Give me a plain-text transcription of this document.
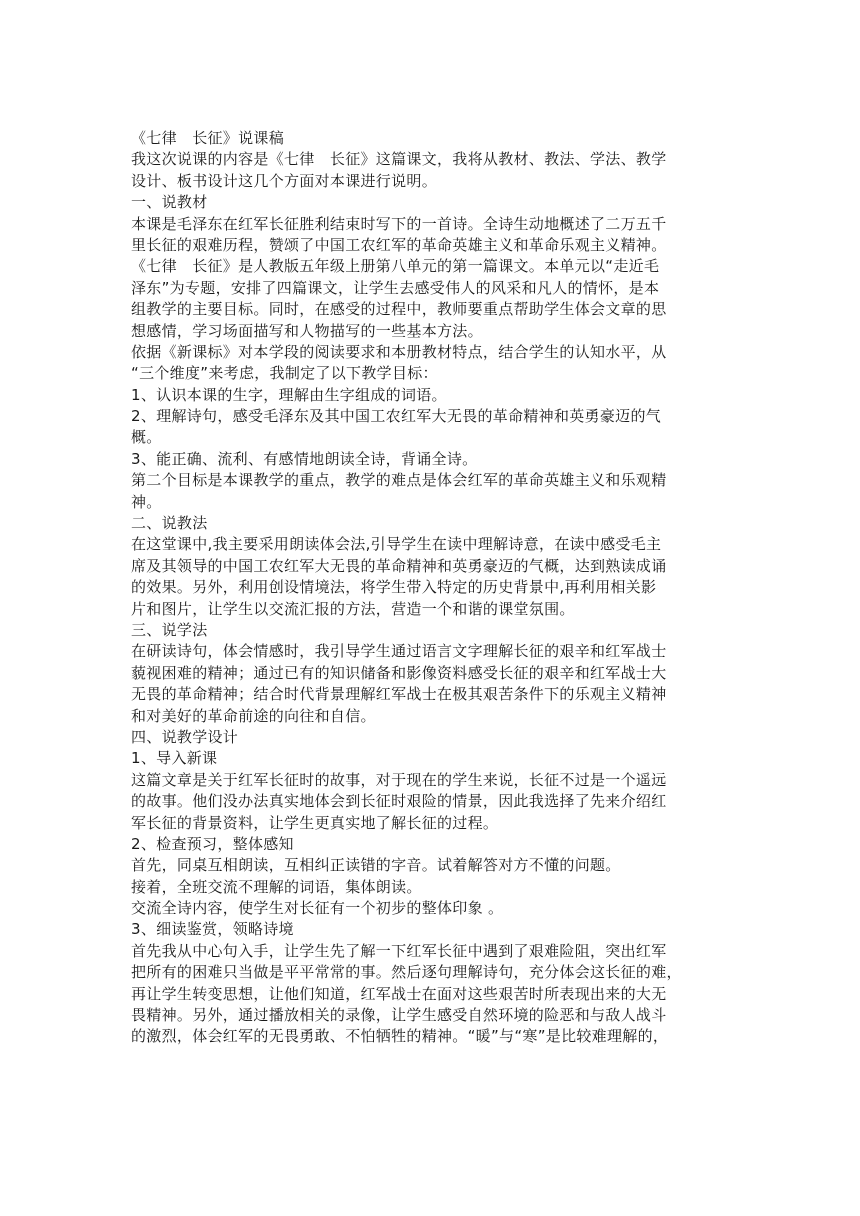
《七律　长征》说课稿
我这次说课的内容是《七律　长征》这篇课文，我将从教材、教法、学法、教学
设计、板书设计这几个方面对本课进行说明。
一、说教材
本课是毛泽东在红军长征胜利结束时写下的一首诗。全诗生动地概述了二万五千
里长征的艰难历程，赞颂了中国工农红军的革命英雄主义和革命乐观主义精神。
《七律　长征》是人教版五年级上册第八单元的第一篇课文。本单元以“走近毛
泽东”为专题，安排了四篇课文，让学生去感受伟人的风采和凡人的情怀，是本
组教学的主要目标。同时，在感受的过程中，教师要重点帮助学生体会文章的思
想感情，学习场面描写和人物描写的一些基本方法。
依据《新课标》对本学段的阅读要求和本册教材特点，结合学生的认知水平，从
“三个维度”来考虑，我制定了以下教学目标：
1、认识本课的生字，理解由生字组成的词语。
2、理解诗句，感受毛泽东及其中国工农红军大无畏的革命精神和英勇豪迈的气
概。
3、能正确、流利、有感情地朗读全诗，背诵全诗。
第二个目标是本课教学的重点，教学的难点是体会红军的革命英雄主义和乐观精
神。
二、说教法
在这堂课中,我主要采用朗读体会法,引导学生在读中理解诗意，在读中感受毛主
席及其领导的中国工农红军大无畏的革命精神和英勇豪迈的气概，达到熟读成诵
的效果。另外，利用创设情境法，将学生带入特定的历史背景中,再利用相关影
片和图片，让学生以交流汇报的方法，营造一个和谐的课堂氛围。
三、说学法
在研读诗句，体会情感时，我引导学生通过语言文字理解长征的艰辛和红军战士
藐视困难的精神；通过已有的知识储备和影像资料感受长征的艰辛和红军战士大
无畏的革命精神；结合时代背景理解红军战士在极其艰苦条件下的乐观主义精神
和对美好的革命前途的向往和自信。
四、说教学设计
1、导入新课
这篇文章是关于红军长征时的故事，对于现在的学生来说，长征不过是一个遥远
的故事。他们没办法真实地体会到长征时艰险的情景，因此我选择了先来介绍红
军长征的背景资料，让学生更真实地了解长征的过程。
2、检查预习，整体感知
首先，同桌互相朗读，互相纠正读错的字音。试着解答对方不懂的问题。
接着，全班交流不理解的词语，集体朗读。
交流全诗内容，使学生对长征有一个初步的整体印象 。
3、细读鉴赏，领略诗境
首先我从中心句入手，让学生先了解一下红军长征中遇到了艰难险阻，突出红军
把所有的困难只当做是平平常常的事。然后逐句理解诗句，充分体会这长征的难，
再让学生转变思想，让他们知道，红军战士在面对这些艰苦时所表现出来的大无
畏精神。另外，通过播放相关的录像，让学生感受自然环境的险恶和与敌人战斗
的激烈，体会红军的无畏勇敢、不怕牺牲的精神。“暖”与“寒”是比较难理解的，
